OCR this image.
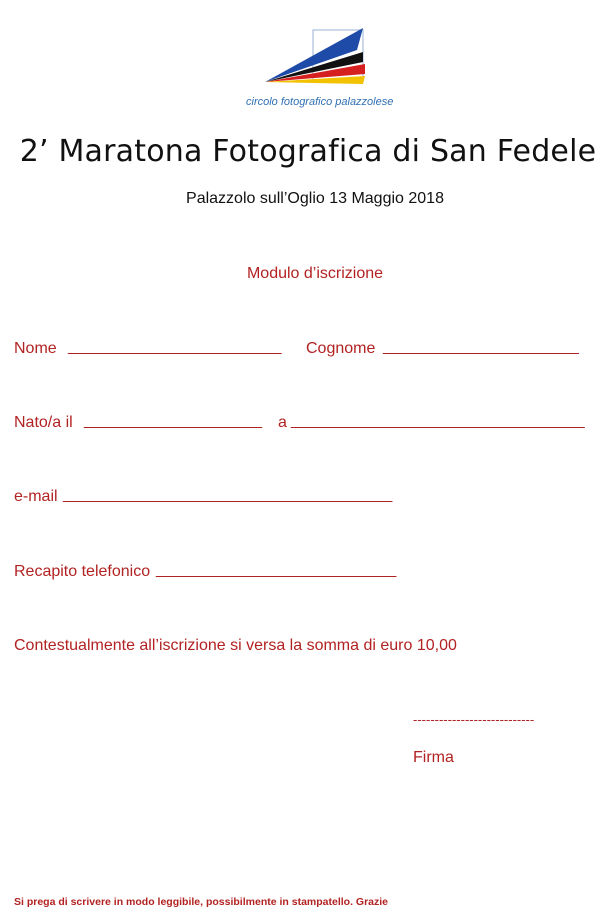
circolo fotografico palazzolese
2’ Maratona Fotografica di San Fedele
Palazzolo sull’Oglio 13 Maggio 2018
Modulo d’iscrizione
Nome ________________________ Cognome ______________________
Nato/a il ____________________ a _________________________________
e-mail _____________________________________
Recapito telefonico ___________________________
Contestualmente all’iscrizione si versa la somma di euro 10,00
----------------------------
Firma
Si prega di scrivere in modo leggibile, possibilmente in stampatello. Grazie
